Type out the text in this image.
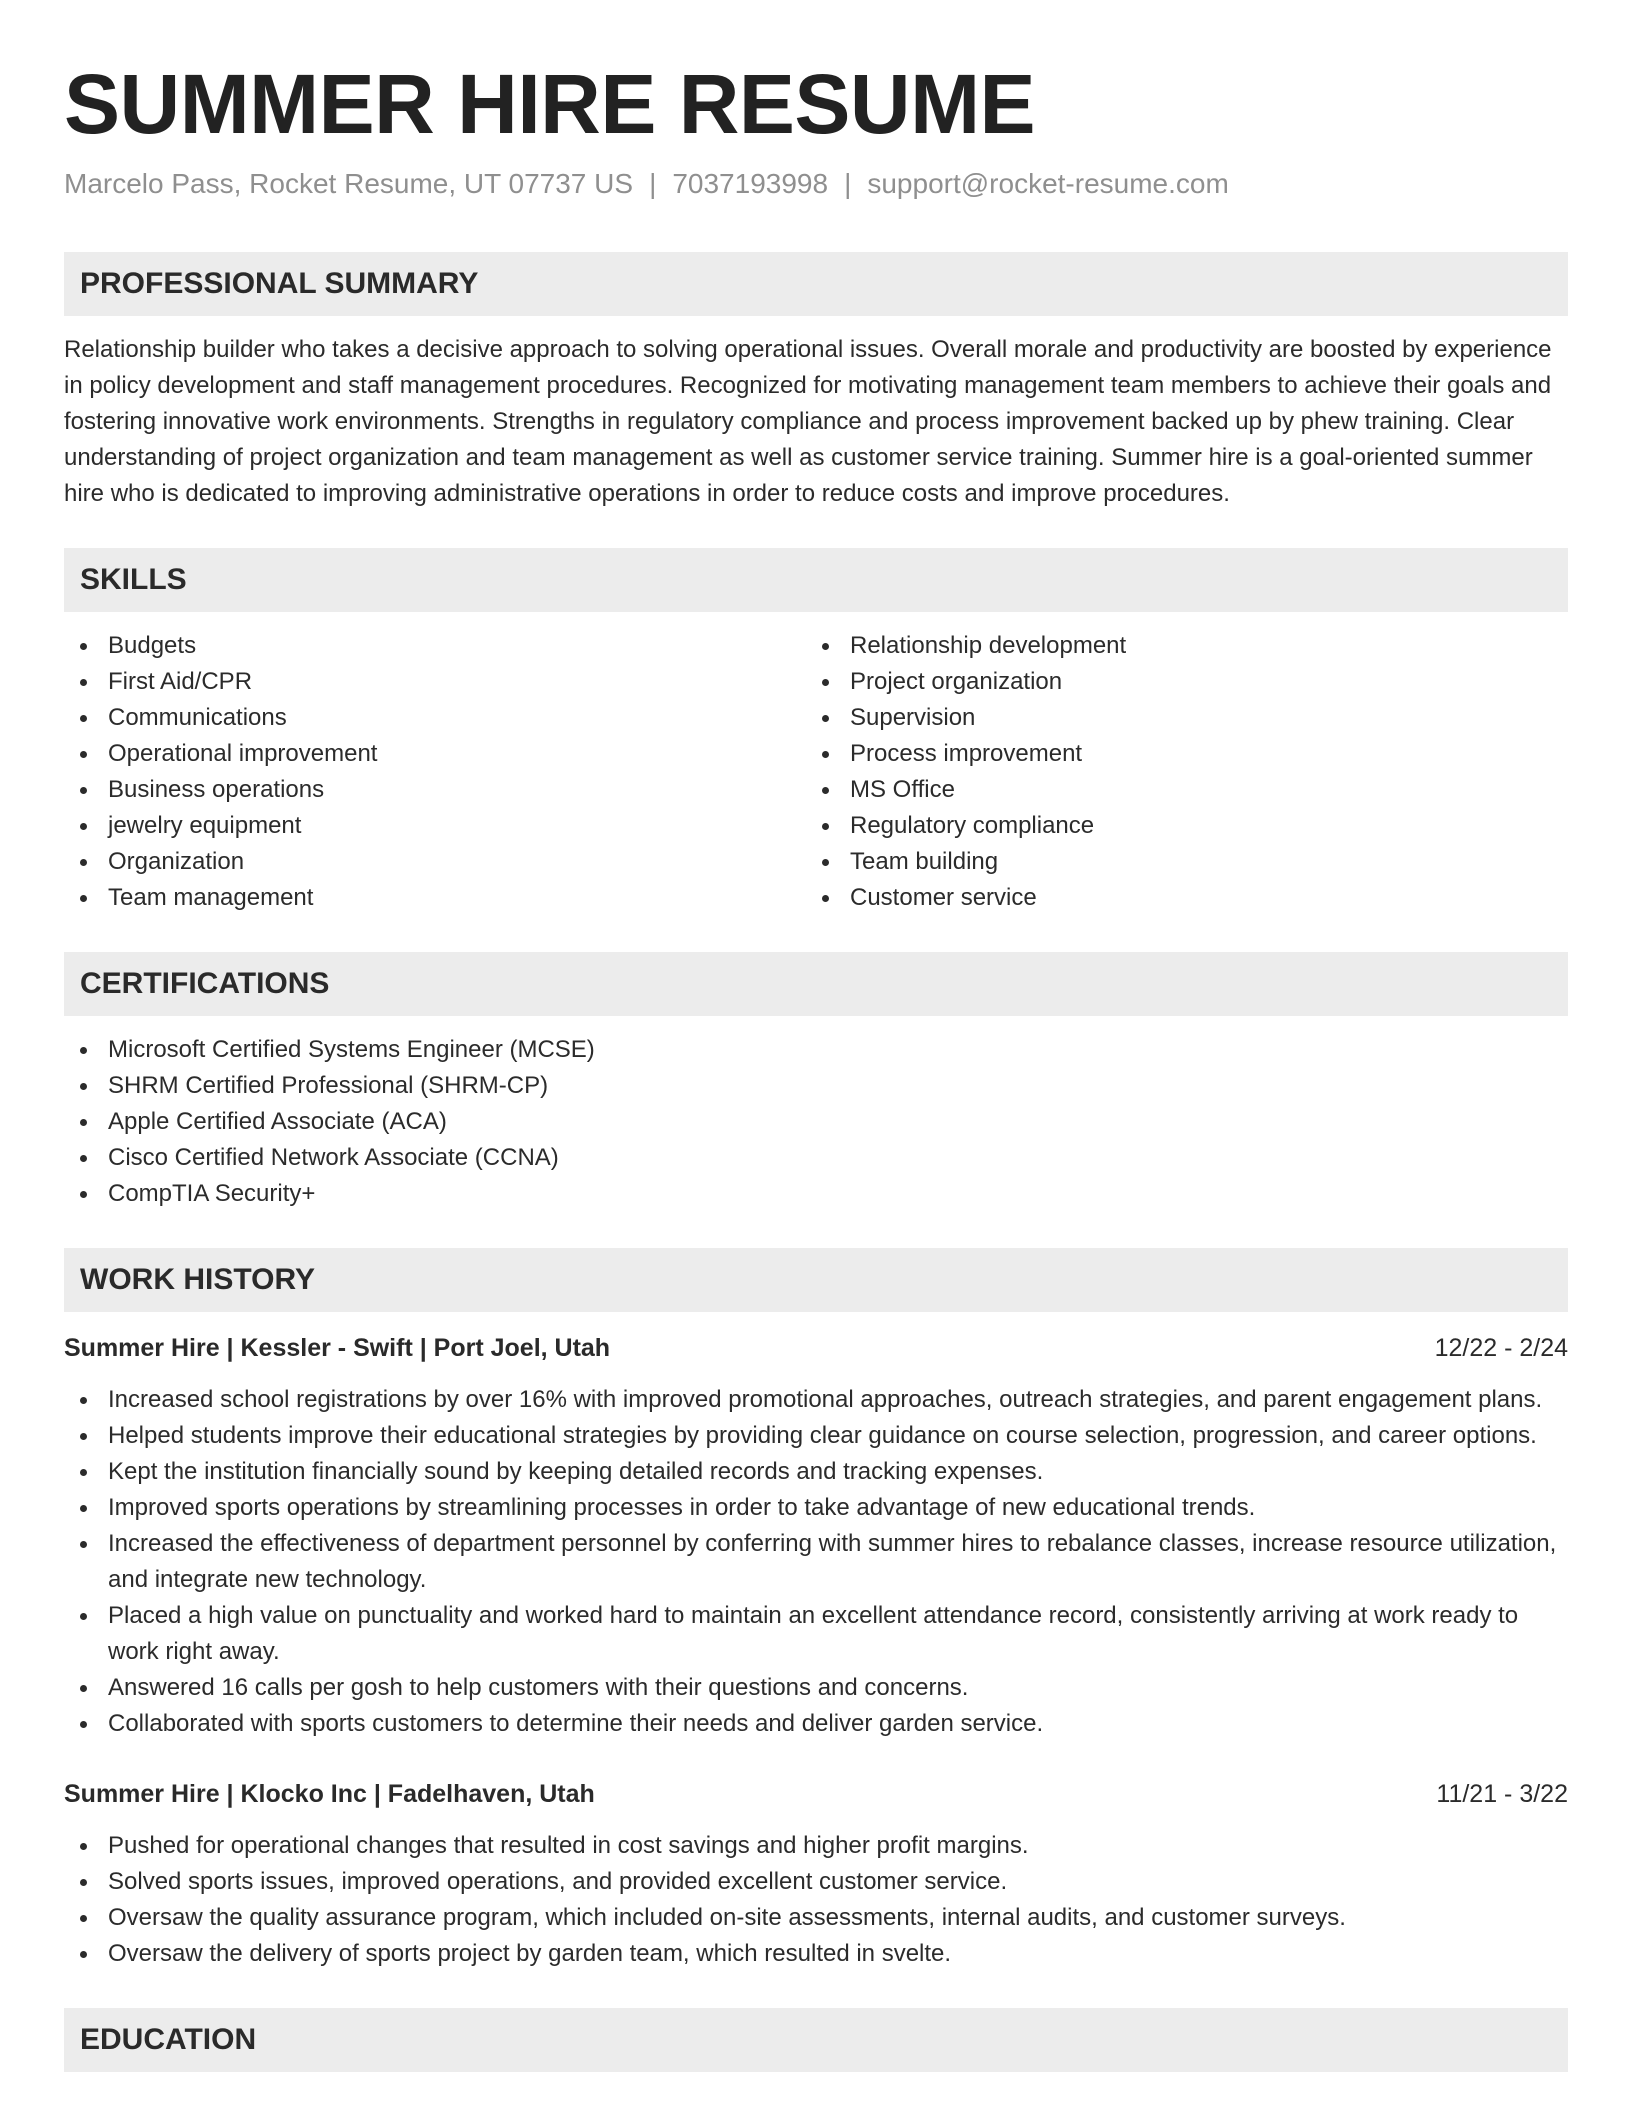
SUMMER HIRE RESUME
Marcelo Pass, Rocket Resume, UT 07737 US | 7037193998 | support@rocket-resume.com
PROFESSIONAL SUMMARY

Relationship builder who takes a decisive approach to solving operational issues. Overall morale and productivity are boosted by experience in policy development and staff management procedures. Recognized for motivating management team members to achieve their goals and fostering innovative work environments. Strengths in regulatory compliance and process improvement backed up by phew training. Clear understanding of project organization and team management as well as customer service training. Summer hire is a goal-oriented summer hire who is dedicated to improving administrative operations in order to reduce costs and improve procedures.

SKILLS
Budgets
First Aid/CPR
Communications
Operational improvement
Business operations
jewelry equipment
Organization
Team management
Relationship development
Project organization
Supervision
Process improvement
MS Office
Regulatory compliance
Team building
Customer service
CERTIFICATIONS
Microsoft Certified Systems Engineer (MCSE)
SHRM Certified Professional (SHRM-CP)
Apple Certified Associate (ACA)
Cisco Certified Network Associate (CCNA)
CompTIA Security+
WORK HISTORY
Summer Hire | Kessler - Swift | Port Joel, Utah	12/22 - 2/24
Increased school registrations by over 16% with improved promotional approaches, outreach strategies, and parent engagement plans.
Helped students improve their educational strategies by providing clear guidance on course selection, progression, and career options.
Kept the institution financially sound by keeping detailed records and tracking expenses.
Improved sports operations by streamlining processes in order to take advantage of new educational trends.
Increased the effectiveness of department personnel by conferring with summer hires to rebalance classes, increase resource utilization, and integrate new technology.
Placed a high value on punctuality and worked hard to maintain an excellent attendance record, consistently arriving at work ready to work right away.
Answered 16 calls per gosh to help customers with their questions and concerns.
Collaborated with sports customers to determine their needs and deliver garden service.
Summer Hire | Klocko Inc | Fadelhaven, Utah	11/21 - 3/22
Pushed for operational changes that resulted in cost savings and higher profit margins.
Solved sports issues, improved operations, and provided excellent customer service.
Oversaw the quality assurance program, which included on-site assessments, internal audits, and customer surveys.
Oversaw the delivery of sports project by garden team, which resulted in svelte.
EDUCATION
